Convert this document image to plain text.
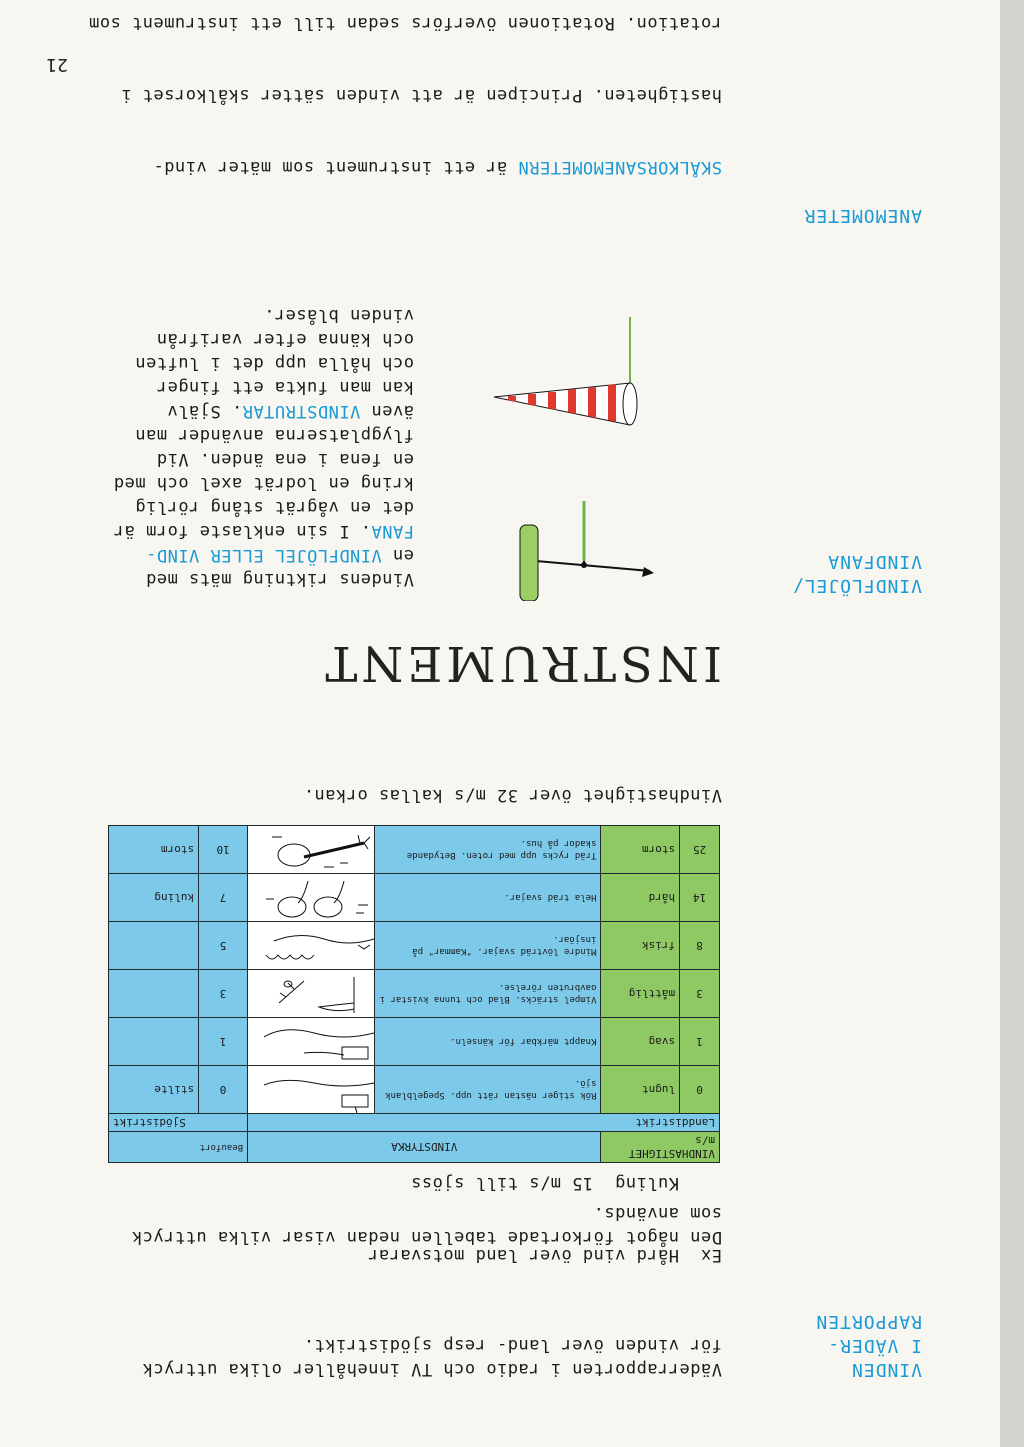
21
VINDEN
I VÄDER-
RAPPORTEN
Väderrapporten i radio och TV innehåller olika uttryck
för vinden över land- resp sjödistrikt.

Ex  Hård vind över land motsvarar

Kuling  15 m/s till sjöss

Den något förkortade tabellen nedan visar vilka uttryck
som används.
VINDHASTIGHET m/s		VINDSTYRKA		Beaufort	
Landdistrikt				Sjödistrikt	
0	lugnt	Rök stiger nästan rätt upp. Spegelblank sjö.		0	stilte
1	svag	Knappt märkbar för känseln.		1	
3	måttlig	Vimpel sträcks. Blad och tunna kvistar i oavbruten rörelse.		3	
8	frisk	Mindre lövträd svajar. "Kammar" på insjöar.		5	
14	hård	Hela träd svajar.		7	kuling
25	storm	Träd rycks upp med roten. Betydande skador på hus.		10	storm
Vindhastighet över 32 m/s kallas orkan.
INSTRUMENT
VINDFLÖJEL/
VINDFANA
Vindens riktning mäts med
en VINDFLÖJEL ELLER VIND-
FANA. I sin enklaste form är
det en vågrät stång rörlig
kring en lodrät axel och med
en fena i ena änden. Vid
flygplatserna använder man
även VINDSTRUTAR. Själv
kan man fukta ett finger
och hålla upp det i luften
och känna efter varifrån
vinden blåser.
ANEMOMETER

SKÅLKORSANEMOMETERN är ett instrument som mäter vind-

hastigheten. Principen är att vinden sätter skålkorset i

rotation. Rotationen överförs sedan till ett instrument som
